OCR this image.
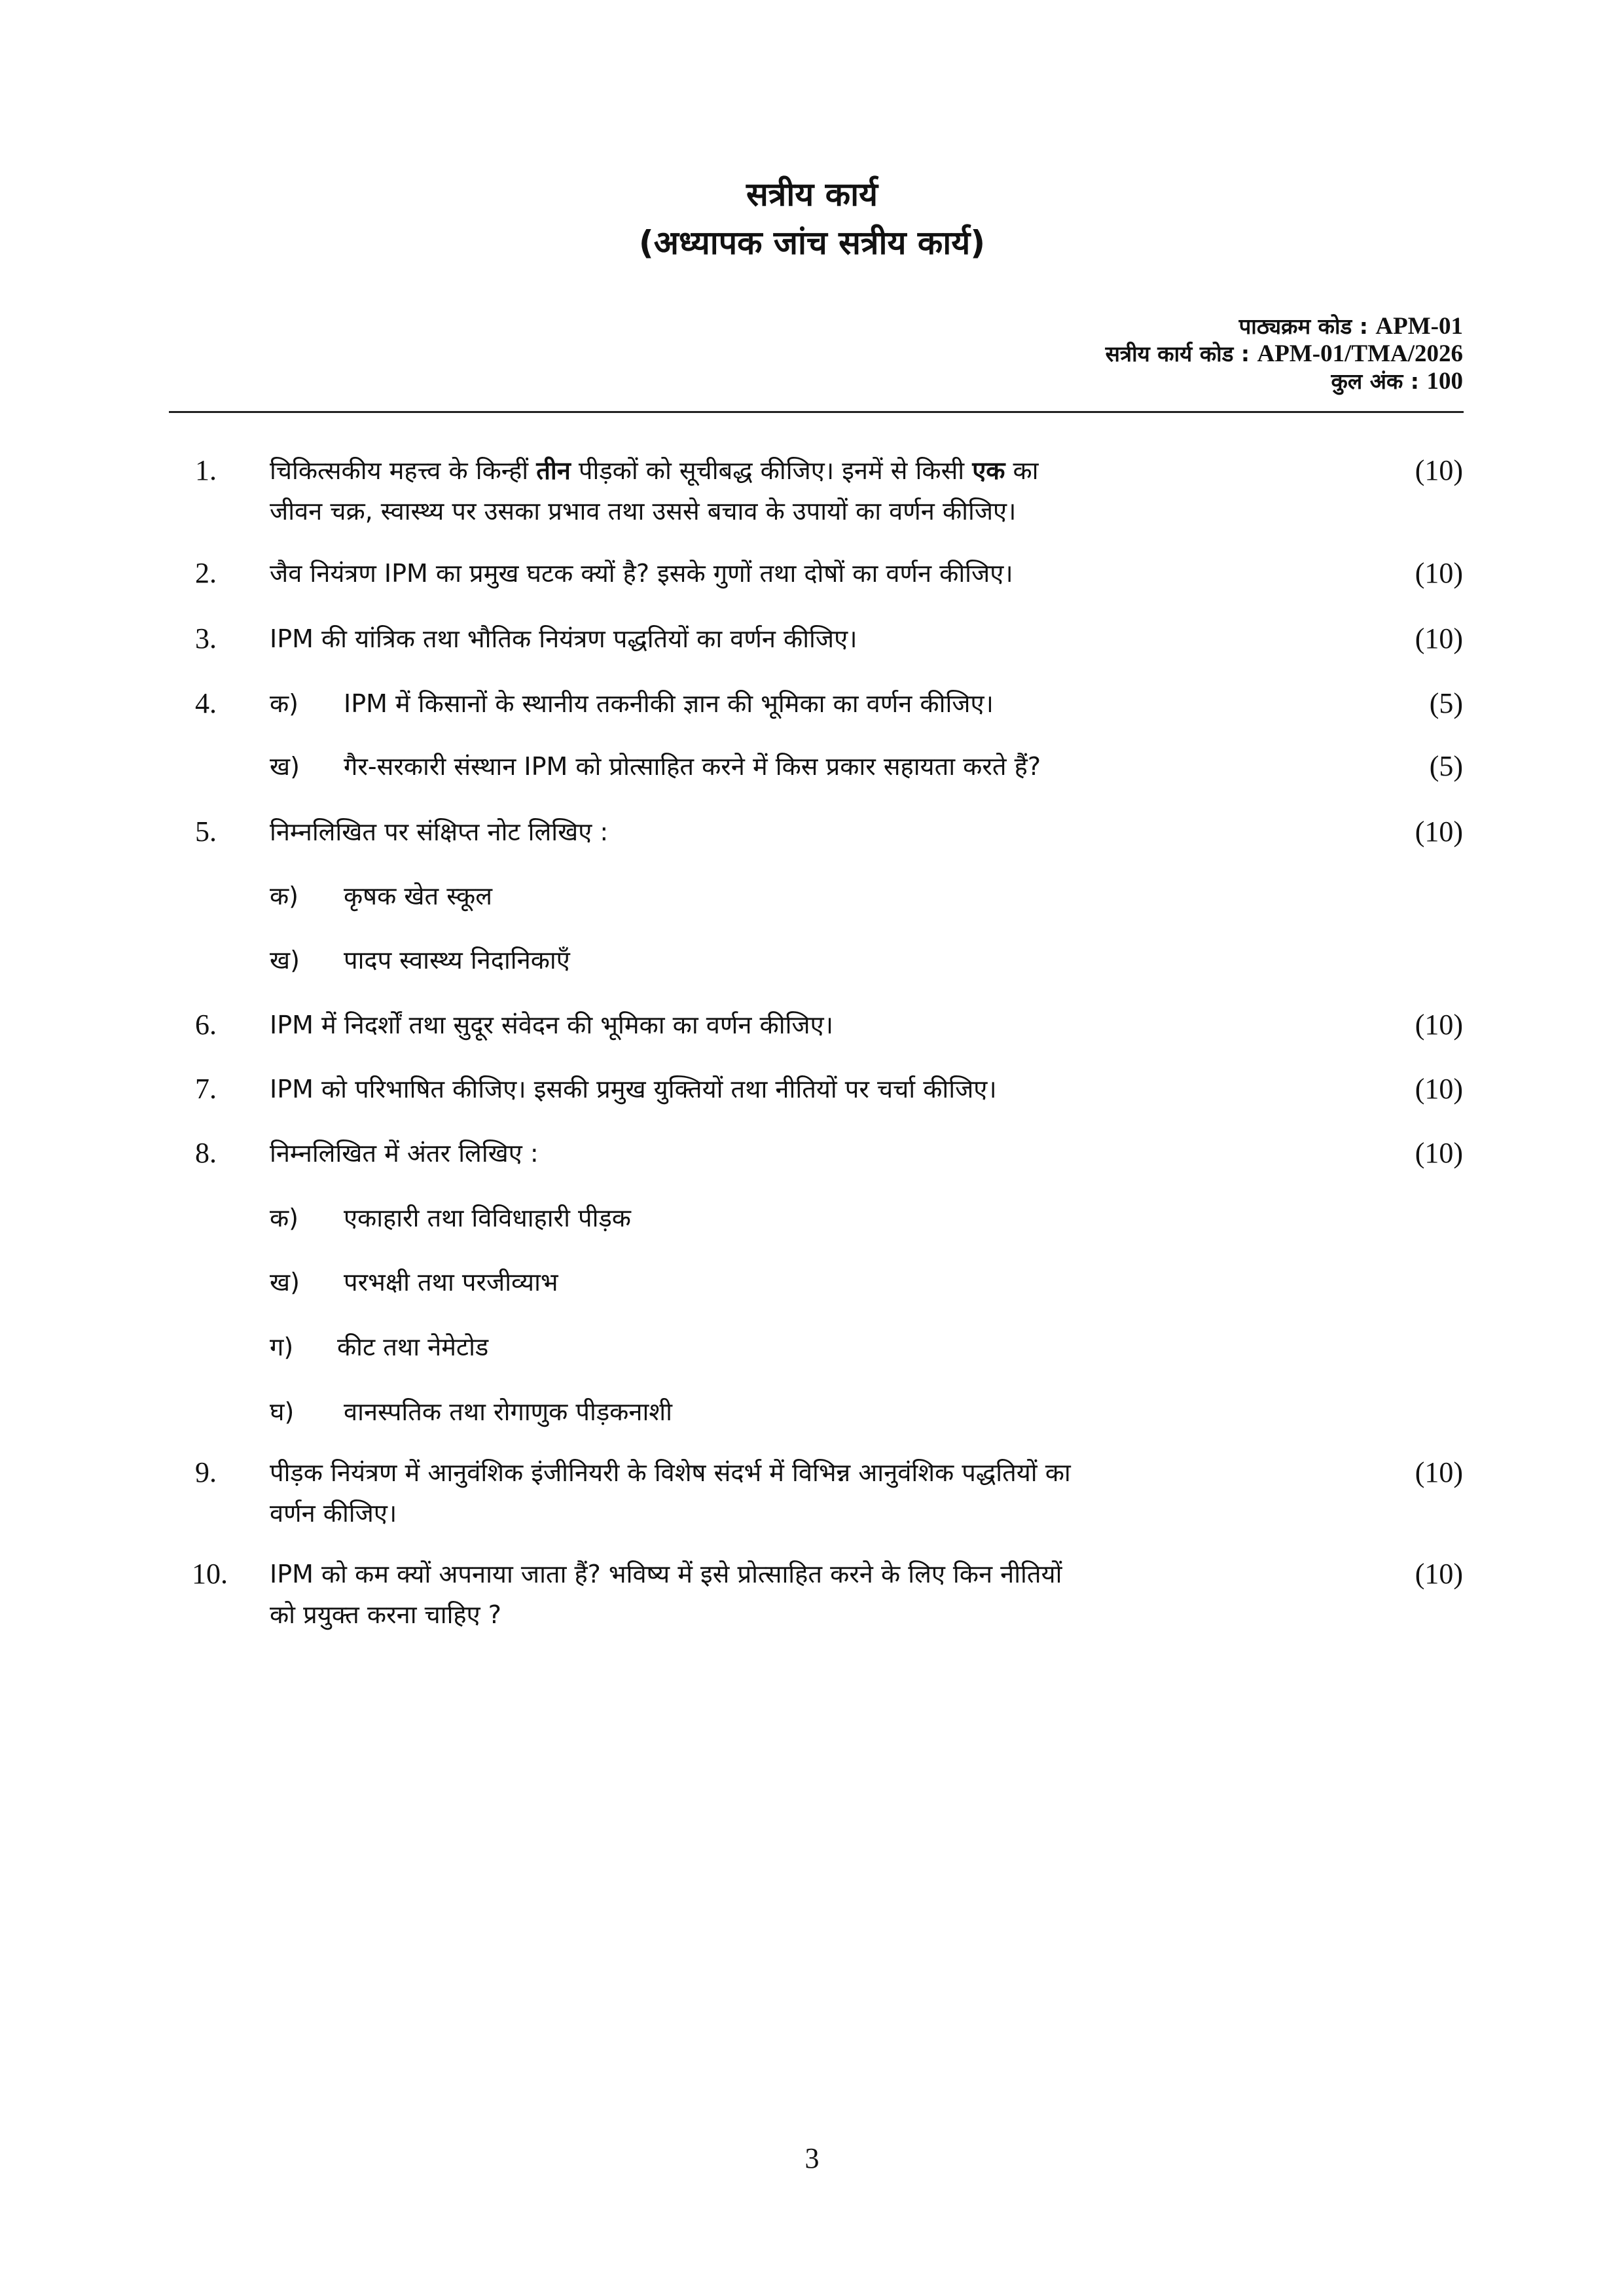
सत्रीय कार्य
(अध्यापक जांच सत्रीय कार्य)
पाठ्यक्रम कोड : APM-01
सत्रीय कार्य कोड : APM-01/TMA/2026
कुल अंक : 100
1. चिकित्सकीय महत्त्व के किन्हीं तीन पीड़कों को सूचीबद्ध कीजिए। इनमें से किसी एक का
जीवन चक्र, स्वास्थ्य पर उसका प्रभाव तथा उससे बचाव के उपायों का वर्णन कीजिए।
(10)
2. जैव नियंत्रण IPM का प्रमुख घटक क्यों है? इसके गुणों तथा दोषों का वर्णन कीजिए।	(10)
3. IPM की यांत्रिक तथा भौतिक नियंत्रण पद्धतियों का वर्णन कीजिए।	(10)
4. क) IPM में किसानों के स्थानीय तकनीकी ज्ञान की भूमिका का वर्णन कीजिए।	(5)
ख) गैर-सरकारी संस्थान IPM को प्रोत्साहित करने में किस प्रकार सहायता करते हैं?	(5)
5. निम्नलिखित पर संक्षिप्त नोट लिखिए :	(10)
क) कृषक खेत स्कूल
ख) पादप स्वास्थ्य निदानिकाएँ
6. IPM में निदर्शों तथा सुदूर संवेदन की भूमिका का वर्णन कीजिए।	(10)
7. IPM को परिभाषित कीजिए। इसकी प्रमुख युक्तियों तथा नीतियों पर चर्चा कीजिए।	(10)
8. निम्नलिखित में अंतर लिखिए :	(10)
क) एकाहारी तथा विविधाहारी पीड़क
ख) परभक्षी तथा परजीव्याभ
ग) कीट तथा नेमेटोड
घ) वानस्पतिक तथा रोगाणुक पीड़कनाशी
9. पीड़क नियंत्रण में आनुवंशिक इंजीनियरी के विशेष संदर्भ में विभिन्न आनुवंशिक पद्धतियों का
वर्णन कीजिए।
(10)
10. IPM को कम क्यों अपनाया जाता हैं? भविष्य में इसे प्रोत्साहित करने के लिए किन नीतियों
को प्रयुक्त करना चाहिए ?
(10)
3
